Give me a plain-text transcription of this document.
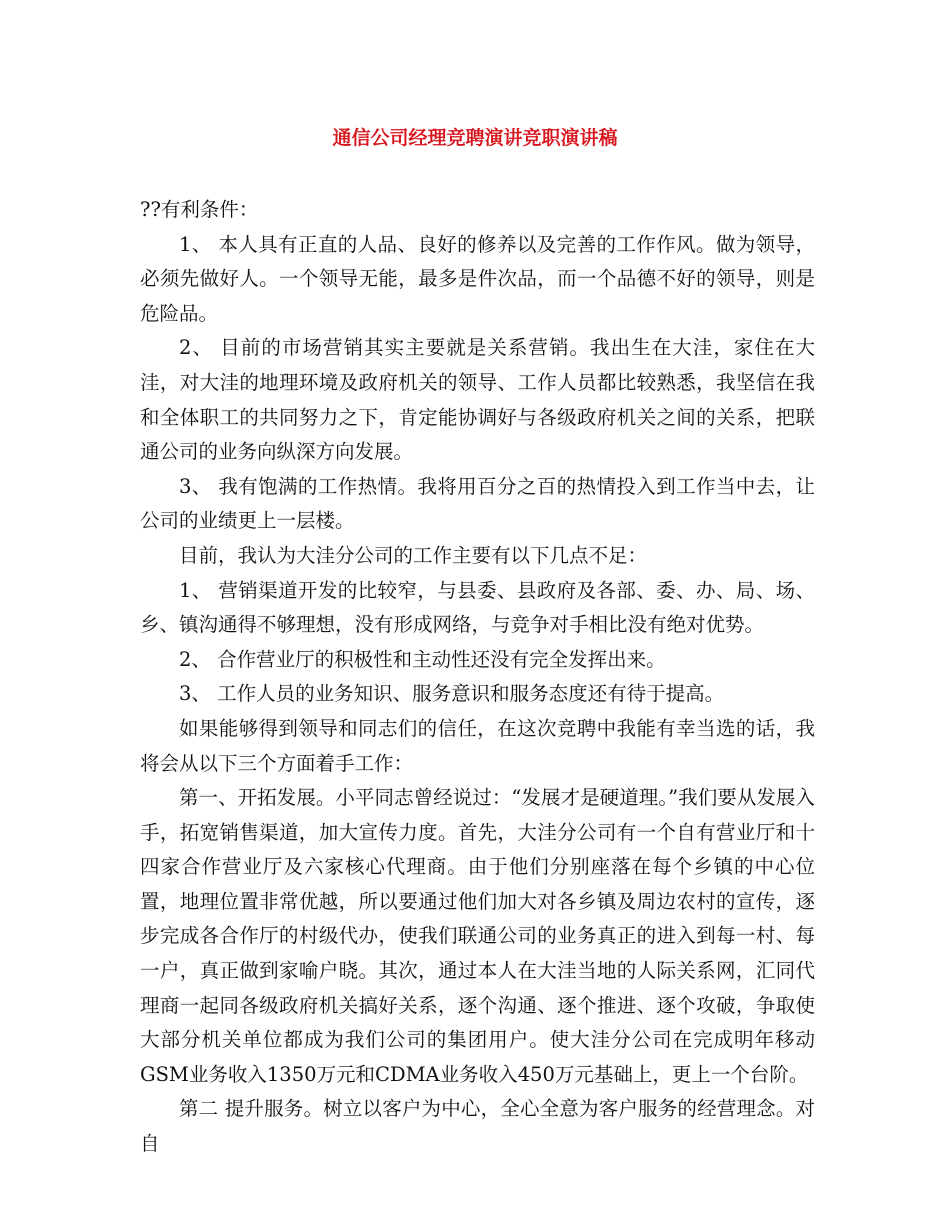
通信公司经理竞聘演讲竞职演讲稿

??有利条件：

1、 本人具有正直的人品、良好的修养以及完善的工作作风。做为领导，必须先做好人。一个领导无能，最多是件次品，而一个品德不好的领导，则是危险品。

2、 目前的市场营销其实主要就是关系营销。我出生在大洼，家住在大洼，对大洼的地理环境及政府机关的领导、工作人员都比较熟悉，我坚信在我和全体职工的共同努力之下，肯定能协调好与各级政府机关之间的关系，把联通公司的业务向纵深方向发展。

3、 我有饱满的工作热情。我将用百分之百的热情投入到工作当中去，让公司的业绩更上一层楼。

目前，我认为大洼分公司的工作主要有以下几点不足：

1、 营销渠道开发的比较窄，与县委、县政府及各部、委、办、局、场、乡、镇沟通得不够理想，没有形成网络，与竞争对手相比没有绝对优势。

2、 合作营业厅的积极性和主动性还没有完全发挥出来。

3、 工作人员的业务知识、服务意识和服务态度还有待于提高。

如果能够得到领导和同志们的信任，在这次竞聘中我能有幸当选的话，我将会从以下三个方面着手工作：

第一、开拓发展。小平同志曾经说过：“发展才是硬道理。”我们要从发展入手，拓宽销售渠道，加大宣传力度。首先，大洼分公司有一个自有营业厅和十四家合作营业厅及六家核心代理商。由于他们分别座落在每个乡镇的中心位置，地理位置非常优越，所以要通过他们加大对各乡镇及周边农村的宣传，逐步完成各合作厅的村级代办，使我们联通公司的业务真正的进入到每一村、每一户，真正做到家喻户晓。其次，通过本人在大洼当地的人际关系网，汇同代理商一起同各级政府机关搞好关系，逐个沟通、逐个推进、逐个攻破，争取使大部分机关单位都成为我们公司的集团用户。使大洼分公司在完成明年移动GSM业务收入1350万元和CDMA业务收入450万元基础上，更上一个台阶。

第二 提升服务。树立以客户为中心，全心全意为客户服务的经营理念。对自
